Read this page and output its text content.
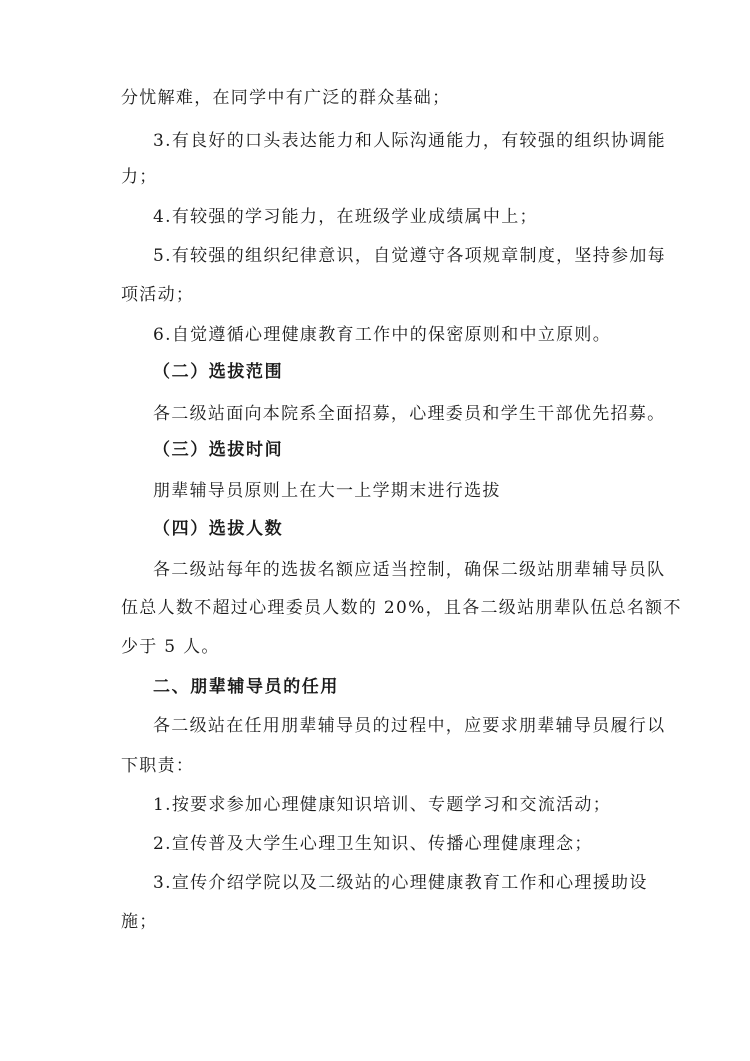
分忧解难，在同学中有广泛的群众基础；
3.有良好的口头表达能力和人际沟通能力，有较强的组织协调能
力；
4.有较强的学习能力，在班级学业成绩属中上；
5.有较强的组织纪律意识，自觉遵守各项规章制度，坚持参加每
项活动；
6.自觉遵循心理健康教育工作中的保密原则和中立原则。
（二）选拔范围
各二级站面向本院系全面招募，心理委员和学生干部优先招募。
（三）选拔时间
朋辈辅导员原则上在大一上学期末进行选拔
（四）选拔人数
各二级站每年的选拔名额应适当控制，确保二级站朋辈辅导员队
伍总人数不超过心理委员人数的 20%，且各二级站朋辈队伍总名额不
少于 5 人。
二、朋辈辅导员的任用
各二级站在任用朋辈辅导员的过程中，应要求朋辈辅导员履行以
下职责：
1.按要求参加心理健康知识培训、专题学习和交流活动；
2.宣传普及大学生心理卫生知识、传播心理健康理念；
3.宣传介绍学院以及二级站的心理健康教育工作和心理援助设
施；
